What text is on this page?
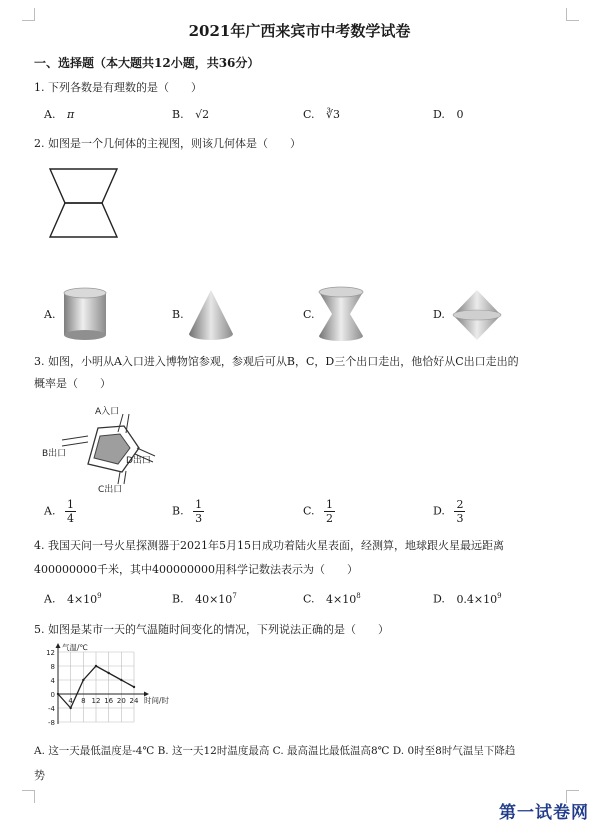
2021年广西来宾市中考数学试卷
一、选择题（本大题共12小题，共36分）
1. 下列各数是有理数的是（　　）
A. π	B. √2	C. ∛3	D. 0
2. 如图是一个几何体的主视图，则该几何体是（　　）
A.	B.	C.	D.
3. 如图，小明从A入口进入博物馆参观，参观后可从B，C，D三个出口走出，他恰好从C出口走出的
概率是（　　）
A入口
B出口
C出口
D出口
A. $\frac{1}{4}$	B. $\frac{1}{3}$	C. $\frac{1}{2}$	D. $\frac{2}{3}$
4. 我国天问一号火星探测器于2021年5月15日成功着陆火星表面，经测算，地球跟火星最远距离
400000000千米，其中400000000用科学记数法表示为（　　）
A. $4\times 10^9$	B. $40\times 10^7$	C. $4\times 10^8$	D. $0.4\times 10^9$
5. 如图是某市一天的气温随时间变化的情况，下列说法正确的是（　　）
12
8
4
0
-4
-8
4 8 12 16 20 24
气温/℃
时间/时
A. 这一天最低温度是-4℃ B. 这一天12时温度最高 C. 最高温比最低温高8℃ D. 0时至8时气温呈下降趋
势
第一试卷网
